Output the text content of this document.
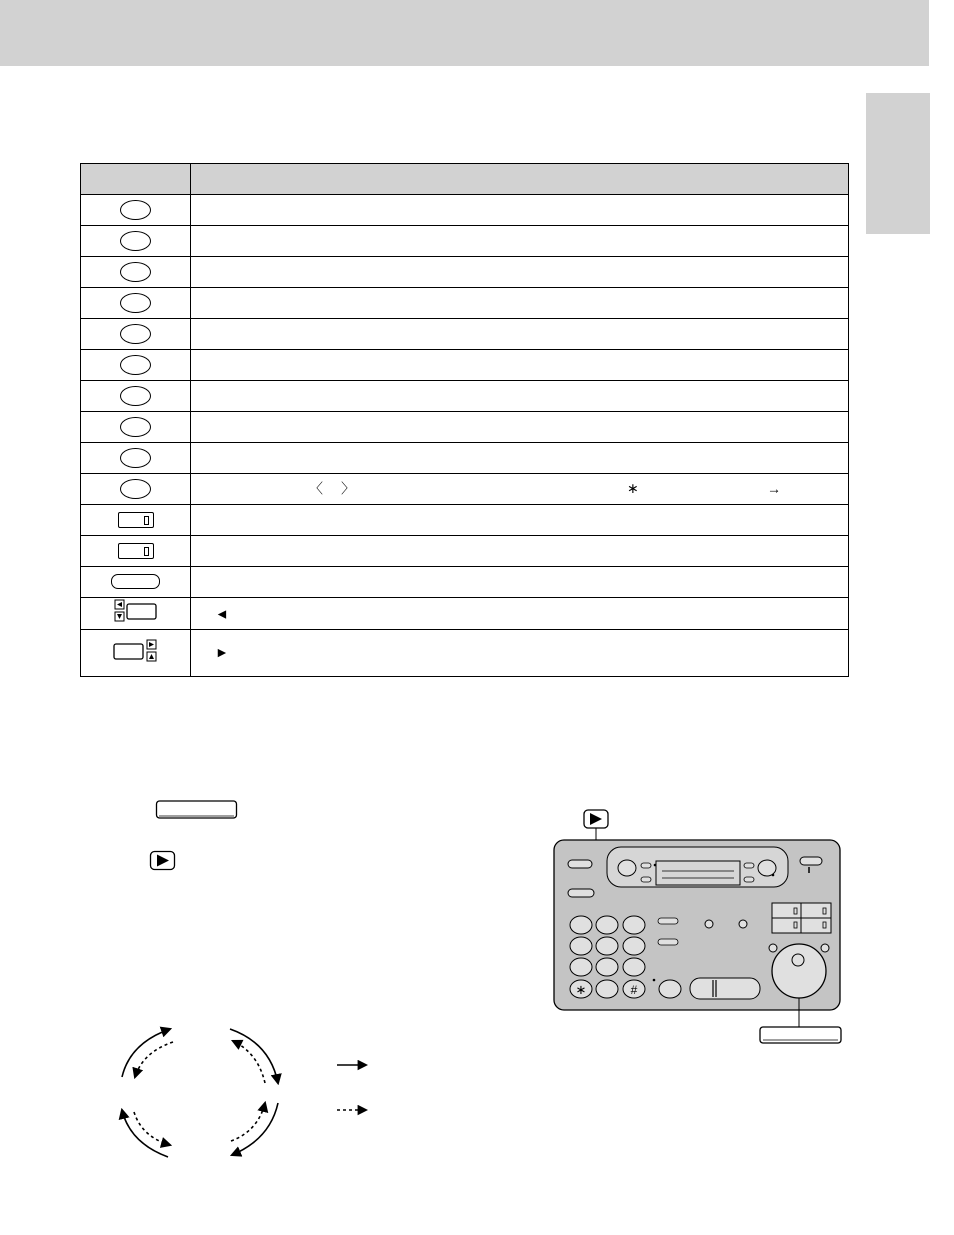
	〈 〉 ∗ →

◄

►
∗	#
